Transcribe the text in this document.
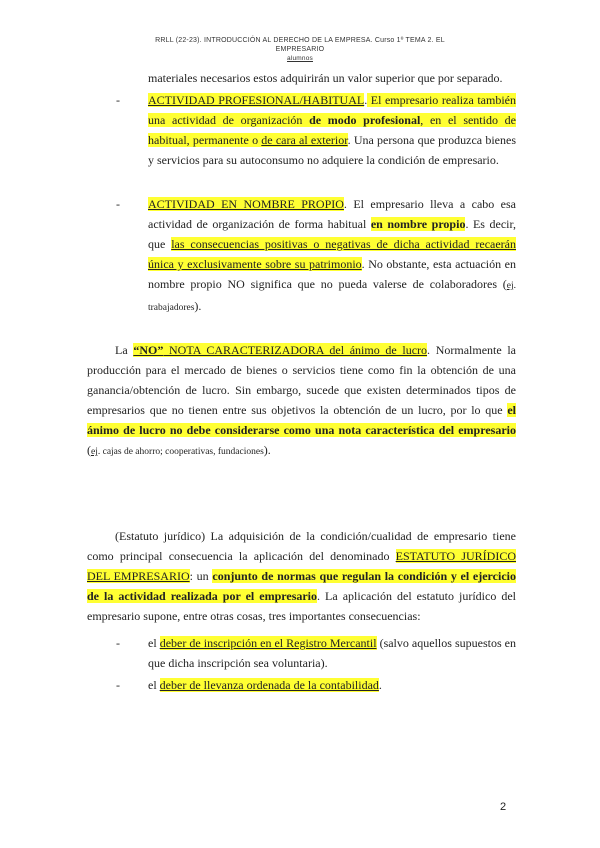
RRLL (22-23). INTRODUCCIÓN AL DERECHO DE LA EMPRESA. Curso 1º TEMA 2. EL EMPRESARIO
alumnos
materiales necesarios estos adquirirán un valor superior que por separado.
- ACTIVIDAD PROFESIONAL/HABITUAL. El empresario realiza también una actividad de organización de modo profesional, en el sentido de habitual, permanente o de cara al exterior. Una persona que produzca bienes y servicios para su autoconsumo no adquiere la condición de empresario.
- ACTIVIDAD EN NOMBRE PROPIO. El empresario lleva a cabo esa actividad de organización de forma habitual en nombre propio. Es decir, que las consecuencias positivas o negativas de dicha actividad recaerán única y exclusivamente sobre su patrimonio. No obstante, esta actuación en nombre propio NO significa que no pueda valerse de colaboradores (ej. trabajadores).
La “NO” NOTA CARACTERIZADORA del ánimo de lucro. Normalmente la producción para el mercado de bienes o servicios tiene como fin la obtención de una ganancia/obtención de lucro. Sin embargo, sucede que existen determinados tipos de empresarios que no tienen entre sus objetivos la obtención de un lucro, por lo que el ánimo de lucro no debe considerarse como una nota característica del empresario (ej. cajas de ahorro; cooperativas, fundaciones).
(Estatuto jurídico) La adquisición de la condición/cualidad de empresario tiene como principal consecuencia la aplicación del denominado ESTATUTO JURÍDICO DEL EMPRESARIO: un conjunto de normas que regulan la condición y el ejercicio de la actividad realizada por el empresario. La aplicación del estatuto jurídico del empresario supone, entre otras cosas, tres importantes consecuencias:
- el deber de inscripción en el Registro Mercantil (salvo aquellos supuestos en que dicha inscripción sea voluntaria).
- el deber de llevanza ordenada de la contabilidad.
2
